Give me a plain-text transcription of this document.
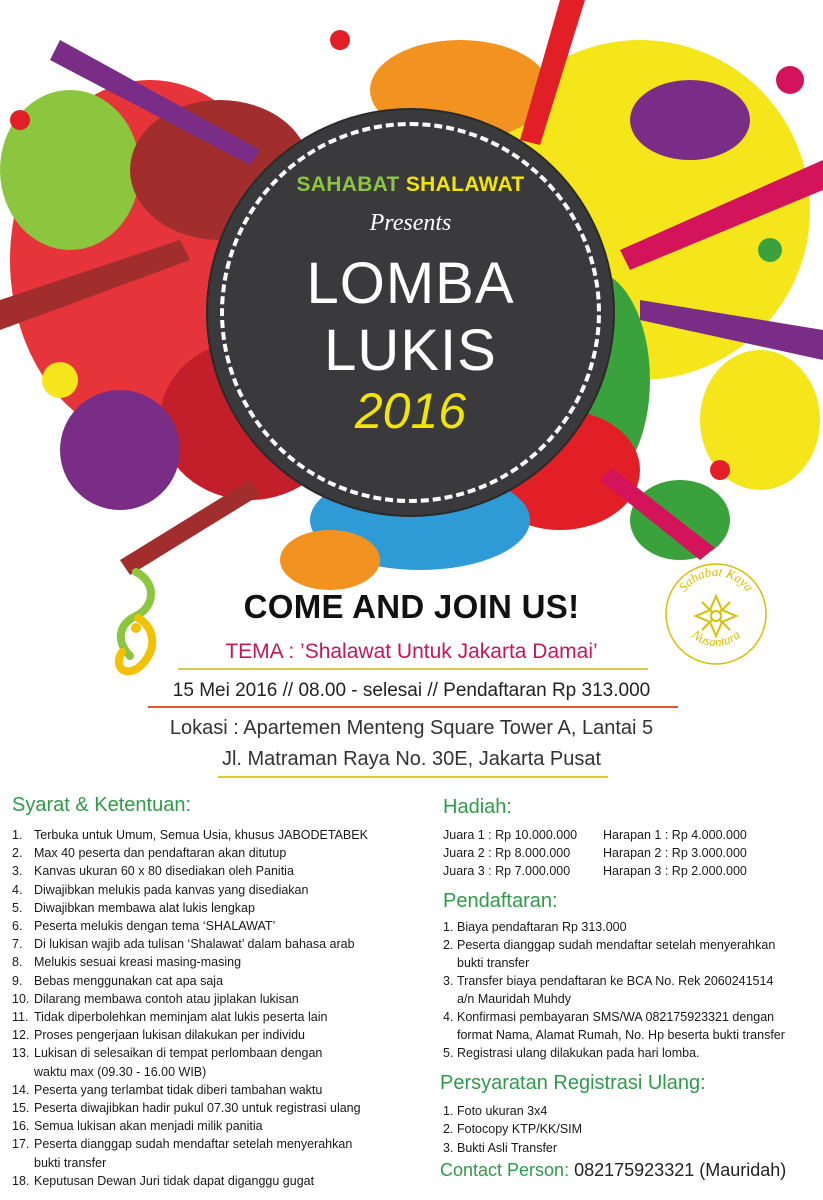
SAHABAT SHALAWAT
Presents
LOMBA
LUKIS
2016
Sahabat Kaya
Nusantara
COME AND JOIN US!
TEMA : ’Shalawat Untuk Jakarta Damai’
15 Mei 2016 // 08.00 - selesai // Pendaftaran Rp 313.000
Lokasi : Apartemen Menteng Square Tower A, Lantai 5
Jl. Matraman Raya No. 30E, Jakarta Pusat
Syarat & Ketentuan:
1. Terbuka untuk Umum, Semua Usia, khusus JABODETABEK
2. Max 40 peserta dan pendaftaran akan ditutup
3. Kanvas ukuran 60 x 80 disediakan oleh Panitia
4. Diwajibkan melukis pada kanvas yang disediakan
5. Diwajibkan membawa alat lukis lengkap
6. Peserta melukis dengan tema ‘SHALAWAT’
7. Di lukisan wajib ada tulisan ‘Shalawat’ dalam bahasa arab
8. Melukis sesuai kreasi masing-masing
9. Bebas menggunakan cat apa saja
10. Dilarang membawa contoh atau jiplakan lukisan
11. Tidak diperbolehkan meminjam alat lukis peserta lain
12. Proses pengerjaan lukisan dilakukan per individu
13. Lukisan di selesaikan di tempat perlombaan dengan
waktu max (09.30 - 16.00 WIB)
14. Peserta yang terlambat tidak diberi tambahan waktu
15. Peserta diwajibkan hadir pukul 07.30 untuk registrasi ulang
16. Semua lukisan akan menjadi milik panitia
17. Peserta dianggap sudah mendaftar setelah menyerahkan
bukti transfer
18. Keputusan Dewan Juri tidak dapat diganggu gugat
Hadiah:
Juara 1 : Rp 10.000.000	Harapan 1 : Rp 4.000.000
Juara 2 : Rp 8.000.000	Harapan 2 : Rp 3.000.000
Juara 3 : Rp 7.000.000	Harapan 3 : Rp 2.000.000
Pendaftaran:
1. Biaya pendaftaran Rp 313.000
2. Peserta dianggap sudah mendaftar setelah menyerahkan
bukti transfer
3. Transfer biaya pendaftaran ke BCA No. Rek 2060241514
a/n Mauridah Muhdy
4. Konfirmasi pembayaran SMS/WA 082175923321 dengan
format Nama, Alamat Rumah, No. Hp beserta bukti transfer
5. Registrasi ulang dilakukan pada hari lomba.
Persyaratan Registrasi Ulang:
1. Foto ukuran 3x4
2. Fotocopy KTP/KK/SIM
3. Bukti Asli Transfer
Contact Person: 082175923321 (Mauridah)
